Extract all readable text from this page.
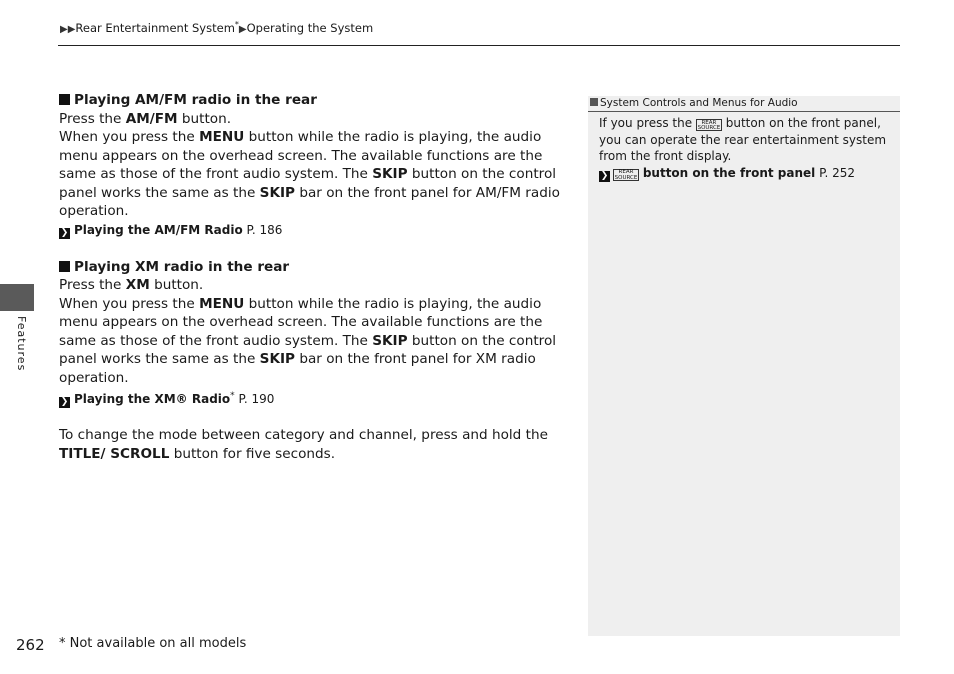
▶▶Rear Entertainment System*▶Operating the System
Features

Playing AM/FM radio in the rear

Press the AM/FM button.

When you press the MENU button while the radio is playing, the audio menu appears on the overhead screen. The available functions are the same as those of the front audio system. The SKIP button on the control panel works the same as the SKIP bar on the front panel for AM/FM radio operation.

❯ Playing the AM/FM Radio P. 186

Playing XM radio in the rear

Press the XM button.

When you press the MENU button while the radio is playing, the audio menu appears on the overhead screen. The available functions are the same as those of the front audio system. The SKIP button on the control panel works the same as the SKIP bar on the front panel for XM radio operation.

❯ Playing the XM® Radio* P. 190

To change the mode between category and channel, press and hold the TITLE/ SCROLL button for five seconds.

System Controls and Menus for Audio

If you press the REAR
SOURCE button on the front panel, you can operate the rear entertainment system from the front display.

❯ REAR
SOURCE button on the front panel P. 252

262 * Not available on all models
